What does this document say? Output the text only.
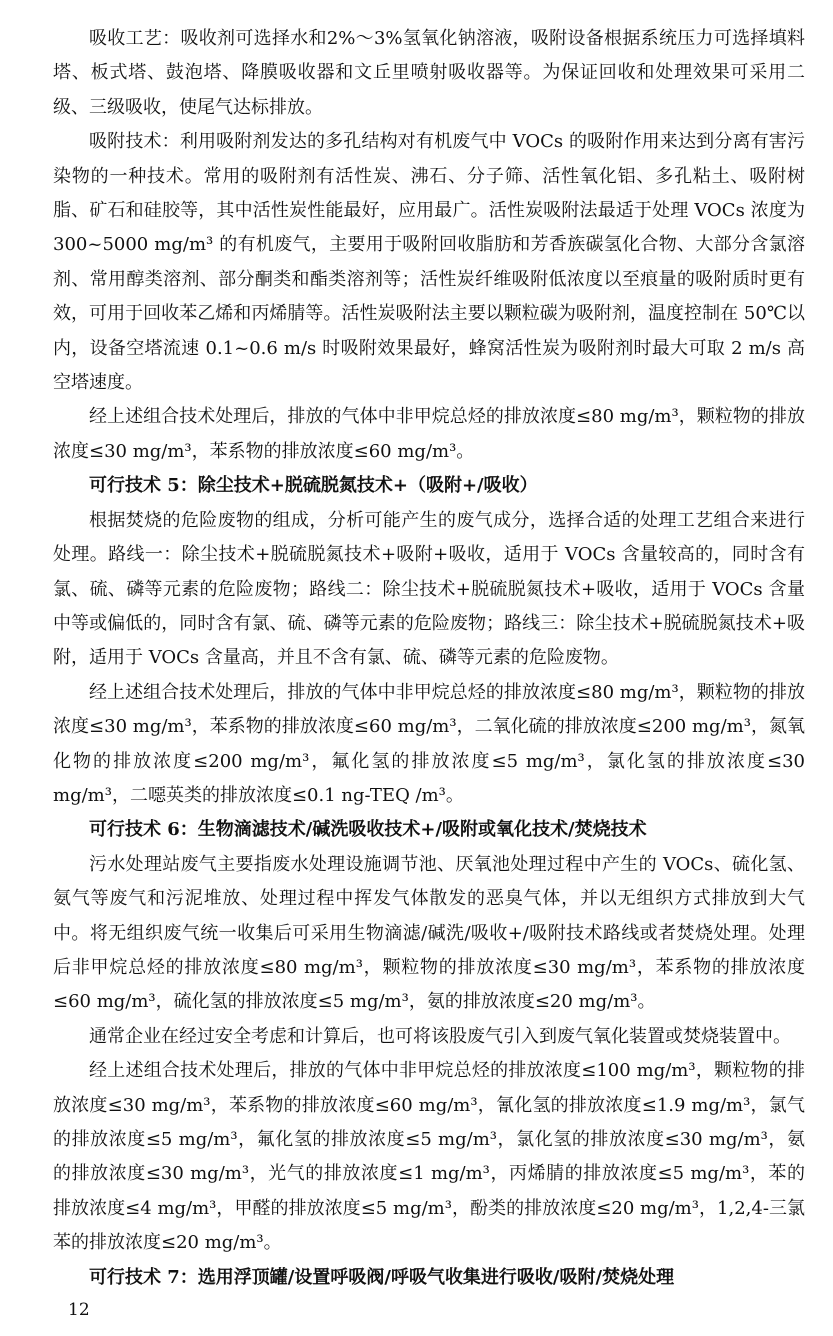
吸收工艺：吸收剂可选择水和2%～3%氢氧化钠溶液，吸附设备根据系统压力可选择填料塔、板式塔、鼓泡塔、降膜吸收器和文丘里喷射吸收器等。为保证回收和处理效果可采用二级、三级吸收，使尾气达标排放。

吸附技术：利用吸附剂发达的多孔结构对有机废气中 VOCs 的吸附作用来达到分离有害污染物的一种技术。常用的吸附剂有活性炭、沸石、分子筛、活性氧化铝、多孔粘土、吸附树脂、矿石和硅胶等，其中活性炭性能最好，应用最广。活性炭吸附法最适于处理 VOCs 浓度为 300~5000 mg/m³ 的有机废气，主要用于吸附回收脂肪和芳香族碳氢化合物、大部分含氯溶剂、常用醇类溶剂、部分酮类和酯类溶剂等；活性炭纤维吸附低浓度以至痕量的吸附质时更有效，可用于回收苯乙烯和丙烯腈等。活性炭吸附法主要以颗粒碳为吸附剂，温度控制在 50℃以内，设备空塔流速 0.1~0.6 m/s 时吸附效果最好，蜂窝活性炭为吸附剂时最大可取 2 m/s 高空塔速度。

经上述组合技术处理后，排放的气体中非甲烷总烃的排放浓度≤80 mg/m³，颗粒物的排放浓度≤30 mg/m³，苯系物的排放浓度≤60 mg/m³。

可行技术 5：除尘技术+脱硫脱氮技术+（吸附+/吸收）

根据焚烧的危险废物的组成，分析可能产生的废气成分，选择合适的处理工艺组合来进行处理。路线一：除尘技术+脱硫脱氮技术+吸附+吸收，适用于 VOCs 含量较高的，同时含有氯、硫、磷等元素的危险废物；路线二：除尘技术+脱硫脱氮技术+吸收，适用于 VOCs 含量中等或偏低的，同时含有氯、硫、磷等元素的危险废物；路线三：除尘技术+脱硫脱氮技术+吸附，适用于 VOCs 含量高，并且不含有氯、硫、磷等元素的危险废物。

经上述组合技术处理后，排放的气体中非甲烷总烃的排放浓度≤80 mg/m³，颗粒物的排放浓度≤30 mg/m³，苯系物的排放浓度≤60 mg/m³，二氧化硫的排放浓度≤200 mg/m³，氮氧化物的排放浓度≤200 mg/m³，氟化氢的排放浓度≤5 mg/m³，氯化氢的排放浓度≤30 mg/m³，二噁英类的排放浓度≤0.1 ng-TEQ /m³。

可行技术 6：生物滴滤技术/碱洗吸收技术+/吸附或氧化技术/焚烧技术

污水处理站废气主要指废水处理设施调节池、厌氧池处理过程中产生的 VOCs、硫化氢、氨气等废气和污泥堆放、处理过程中挥发气体散发的恶臭气体，并以无组织方式排放到大气中。将无组织废气统一收集后可采用生物滴滤/碱洗/吸收+/吸附技术路线或者焚烧处理。处理后非甲烷总烃的排放浓度≤80 mg/m³，颗粒物的排放浓度≤30 mg/m³，苯系物的排放浓度≤60 mg/m³，硫化氢的排放浓度≤5 mg/m³，氨的排放浓度≤20 mg/m³。

通常企业在经过安全考虑和计算后，也可将该股废气引入到废气氧化装置或焚烧装置中。

经上述组合技术处理后，排放的气体中非甲烷总烃的排放浓度≤100 mg/m³，颗粒物的排放浓度≤30 mg/m³，苯系物的排放浓度≤60 mg/m³，氰化氢的排放浓度≤1.9 mg/m³，氯气的排放浓度≤5 mg/m³，氟化氢的排放浓度≤5 mg/m³，氯化氢的排放浓度≤30 mg/m³，氨的排放浓度≤30 mg/m³，光气的排放浓度≤1 mg/m³，丙烯腈的排放浓度≤5 mg/m³，苯的排放浓度≤4 mg/m³，甲醛的排放浓度≤5 mg/m³，酚类的排放浓度≤20 mg/m³，1,2,4-三氯苯的排放浓度≤20 mg/m³。

可行技术 7：选用浮顶罐/设置呼吸阀/呼吸气收集进行吸收/吸附/焚烧处理

12
